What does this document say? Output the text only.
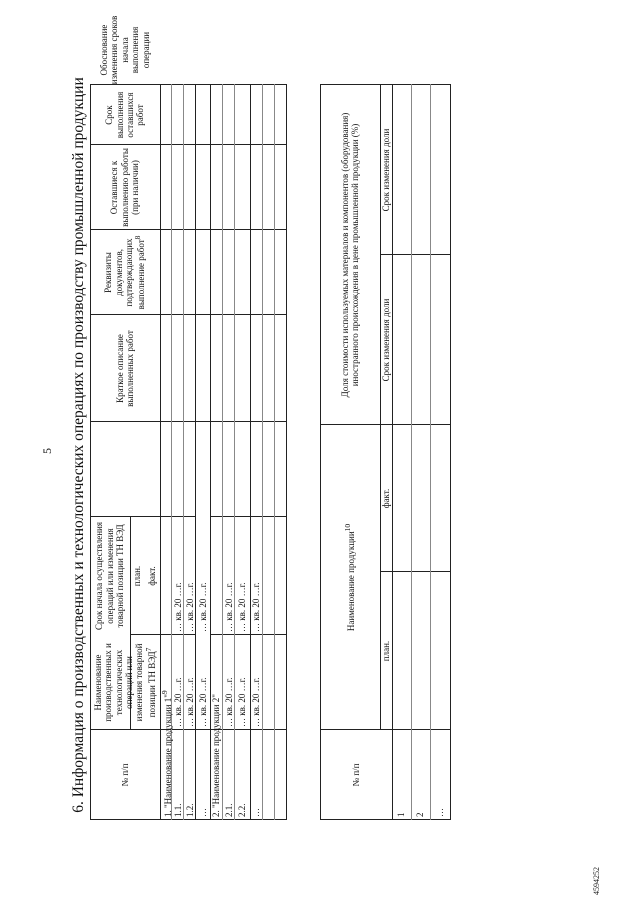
5 6. Информация о производственных и технологических операциях по производству промышленной продукции
4594252
№ п/п
Наименование производственных и технологических операций или изменения товарной позиции ТН ВЭД$^7$
Срок начала осуществления операций или изменения товарной позиции ТН ВЭД план. факт.
Краткое описание выполненных работ
Реквизиты документов, подтверждающих выполнение работ$^8$
Оставшиеся к выполнению работы (при наличии)
Срок выполнения оставшихся работ
Обоснование изменения сроков начала выполнения операции
1. "Наименование продукции 1"$^9$
1.1.
… кв. 20 …г.
… кв. 20 …г.
1.2.
… кв. 20 …г.
… кв. 20 …г.
…
… кв. 20 …г.
… кв. 20 …г.
2. "Наименование продукции 2" 2.1.
… кв. 20 …г.
… кв. 20 …г.
2.2.
… кв. 20 …г.
… кв. 20 …г.
…
… кв. 20 …г.
… кв. 20 …г.
№ п/п
Наименование продукции$^{10}$
Доля стоимости используемых материалов и компонентов (оборудования) иностранного происхождения в цене промышленной продукции (%)
план.
факт.
Срок изменения доли
Срок изменения доли
1 2 …
